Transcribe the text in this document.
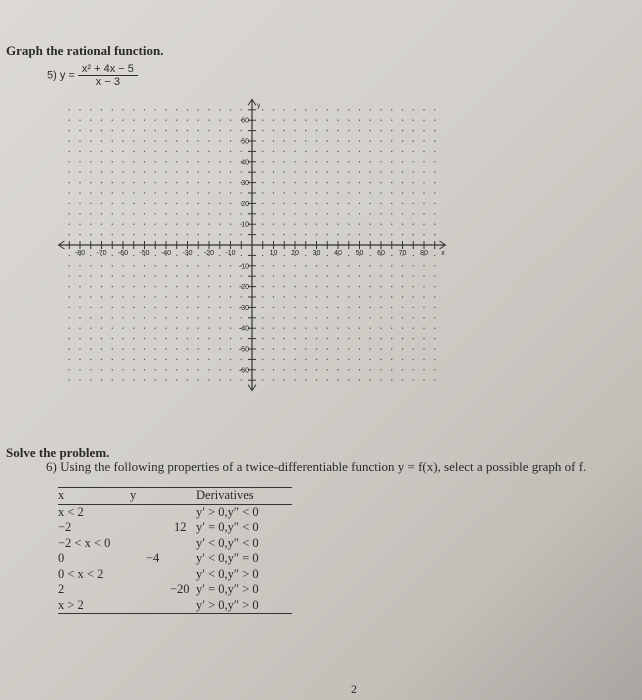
Graph the rational function.
5) $y = \frac{\text{x² + 4x − 5}}{x - 3}$
-80 -70 -60 -50 -40 -30 -20 -10	10 20 30 40 50 60 70 80
60
50
40
30
20
10
-10
-20
-30
-40
-50
-60
x
y
Solve the problem.
6) Using the following properties of a twice-differentiable function y = f(x), select a possible graph of f.
x	y	Derivatives
x < 2		y′ > 0,y″ < 0
−2	12	y′ = 0,y″ < 0
−2 < x < 0		y′ < 0,y″ < 0
0	−4	y′ < 0,y″ = 0
0 < x < 2		y′ < 0,y″ > 0
2	−20	y′ = 0,y″ > 0
x > 2		y′ > 0,y″ > 0
2
